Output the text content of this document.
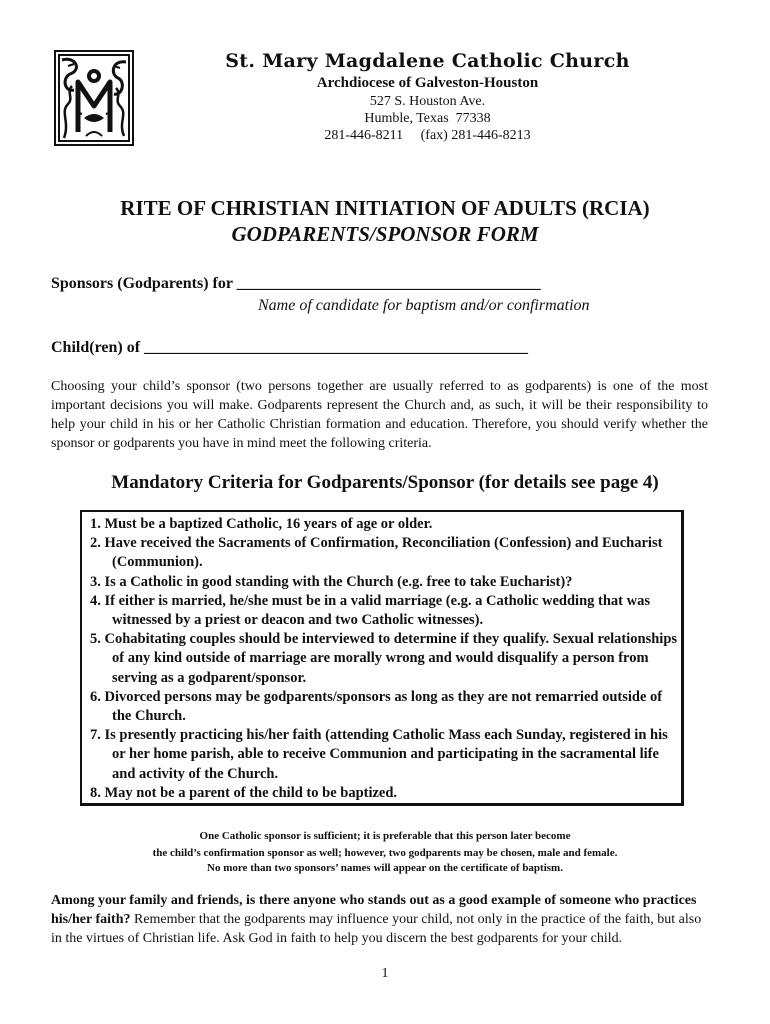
St. Mary Magdalene Catholic Church
Archdiocese of Galveston-Houston
527 S. Houston Ave.
Humble, Texas  77338
281-446-8211     (fax) 281-446-8213
RITE OF CHRISTIAN INITIATION OF ADULTS (RCIA)
GODPARENTS/SPONSOR FORM
Sponsors (Godparents) for ______________________________________
Name of candidate for baptism and/or confirmation
Child(ren) of ________________________________________________

Choosing your child’s sponsor (two persons together are usually referred to as godparents) is one of the most important decisions you will make. Godparents represent the Church and, as such, it will be their responsibility to help your child in his or her Catholic Christian formation and education. Therefore, you should verify whether the sponsor or godparents you have in mind meet the following criteria.

Mandatory Criteria for Godparents/Sponsor (for details see page 4)
1. Must be a baptized Catholic, 16 years of age or older.
2. Have received the Sacraments of Confirmation, Reconciliation (Confession) and Eucharist (Communion).
3. Is a Catholic in good standing with the Church (e.g. free to take Eucharist)?
4. If either is married, he/she must be in a valid marriage (e.g. a Catholic wedding that was witnessed by a priest or deacon and two Catholic witnesses).
5. Cohabitating couples should be interviewed to determine if they qualify. Sexual relationships of any kind outside of marriage are morally wrong and would disqualify a person from serving as a godparent/sponsor.
6. Divorced persons may be godparents/sponsors as long as they are not remarried outside of the Church.
7. Is presently practicing his/her faith (attending Catholic Mass each Sunday, registered in his or her home parish, able to receive Communion and participating in the sacramental life and activity of the Church.
8. May not be a parent of the child to be baptized.
One Catholic sponsor is sufficient; it is preferable that this person later become
the child’s confirmation sponsor as well; however, two godparents may be chosen, male and female.
No more than two sponsors’ names will appear on the certificate of baptism.
Among your family and friends, is there anyone who stands out as a good example of someone who practices his/her faith? Remember that the godparents may influence your child, not only in the practice of the faith, but also in the virtues of Christian life. Ask God in faith to help you discern the best godparents for your child.
1
